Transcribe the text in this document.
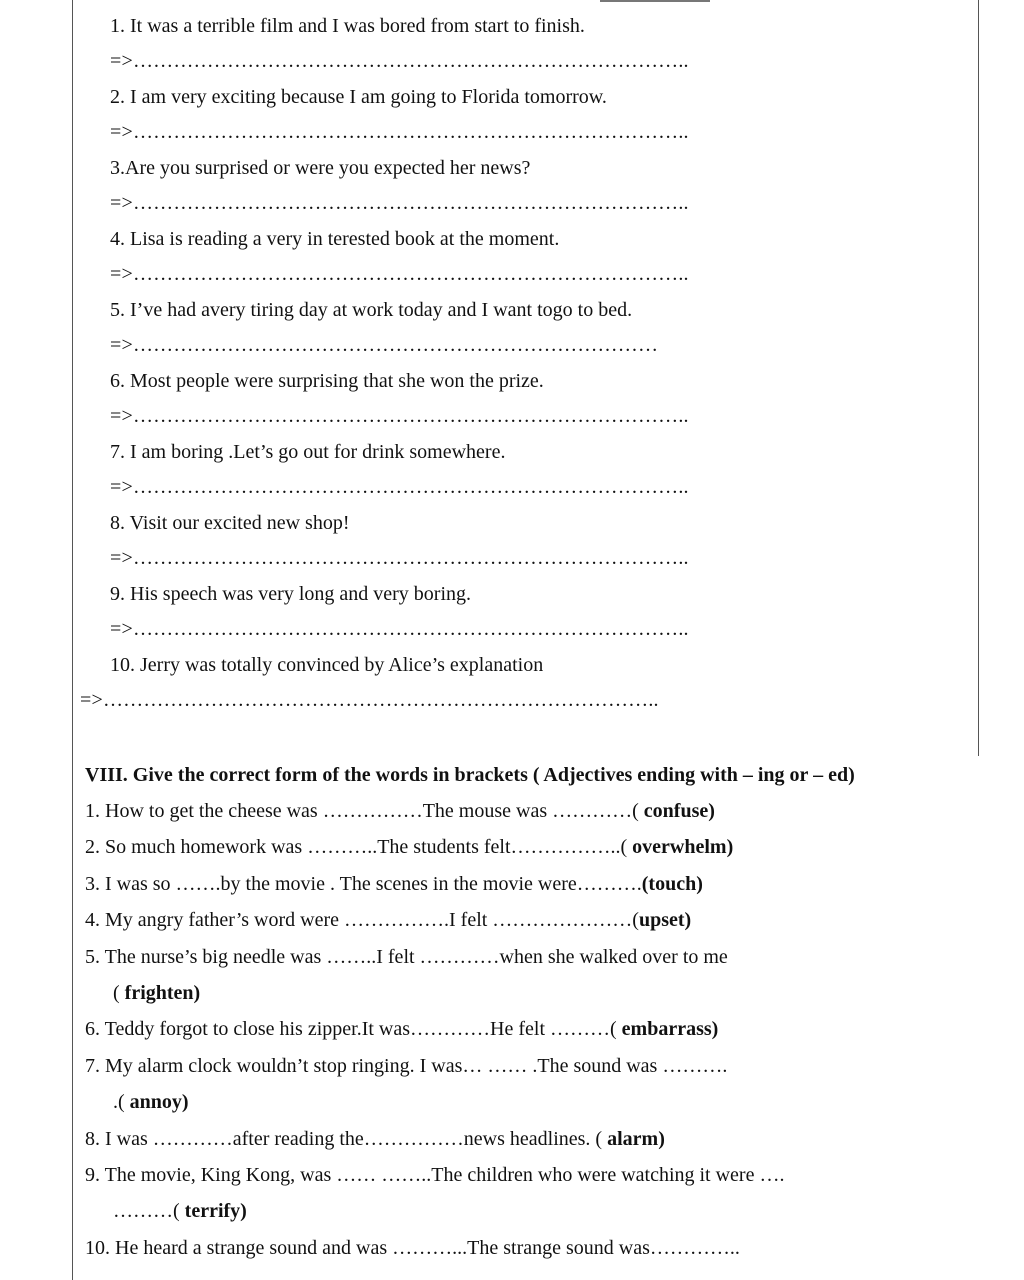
1. It was a terrible film and I was bored from start to finish.
=>………………………………………………………………………..
2. I am very exciting because I am going to Florida tomorrow.
=>………………………………………………………………………..
3.Are you surprised or were you expected her news?
=>………………………………………………………………………..
4. Lisa is reading a very in terested book at the moment.
=>………………………………………………………………………..
5. I’ve had avery tiring day at work today and I want togo to bed.
=>……………………………………………………………………
6. Most people were surprising that she won the prize.
=>………………………………………………………………………..
7. I am boring .Let’s go out for drink somewhere.
=>………………………………………………………………………..
8. Visit our excited new shop!
=>………………………………………………………………………..
9. His speech was very long and very boring.
=>………………………………………………………………………..
10. Jerry was totally convinced by Alice’s explanation
=>………………………………………………………………………..
VIII. Give the correct form of the words in brackets ( Adjectives ending with – ing or – ed)
1. How to get the cheese was ……………The mouse was …………( confuse)
2. So much homework was ………..The students felt……………..( overwhelm)
3. I was so …….by the movie . The scenes in the movie were……….(touch)
4. My angry father’s word were …………….I felt …………………(upset)
5. The nurse’s big needle was ……..I felt …………when she walked over to me
( frighten)
6. Teddy forgot to close his zipper.It was…………He felt ………( embarrass)
7. My alarm clock wouldn’t stop ringing. I was… …… .The sound was ……….
.( annoy)
8. I was …………after reading the……………news headlines. ( alarm)
9. The movie, King Kong, was …… ……..The children who were watching it were ….
………( terrify)
10. He heard a strange sound and was ………...The strange sound was…………..
